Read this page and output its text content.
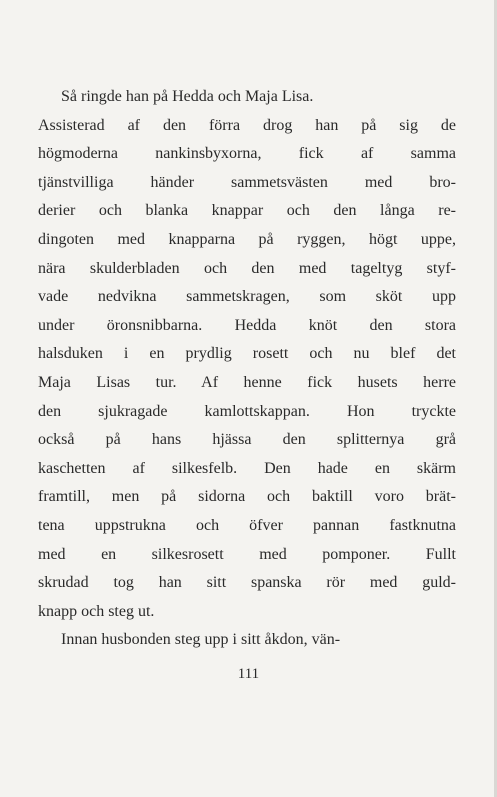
Så ringde han på Hedda och Maja Lisa.
Assisterad af den förra drog han på sig de
högmoderna nankinsbyxorna, fick af samma
tjänstvilliga händer sammetsvästen med bro-
derier och blanka knappar och den långa re-
dingoten med knapparna på ryggen, högt uppe,
nära skulderbladen och den med tageltyg styf-
vade nedvikna sammetskragen, som sköt upp
under öronsnibbarna. Hedda knöt den stora
halsduken i en prydlig rosett och nu blef det
Maja Lisas tur. Af henne fick husets herre
den sjukragade kamlottskappan. Hon tryckte
också på hans hjässa den splitternya grå
kaschetten af silkesfelb. Den hade en skärm
framtill, men på sidorna och baktill voro brät-
tena uppstrukna och öfver pannan fastknutna
med en silkesrosett med pomponer. Fullt
skrudad tog han sitt spanska rör med guld-
knapp och steg ut.
Innan husbonden steg upp i sitt åkdon, vän-
111
